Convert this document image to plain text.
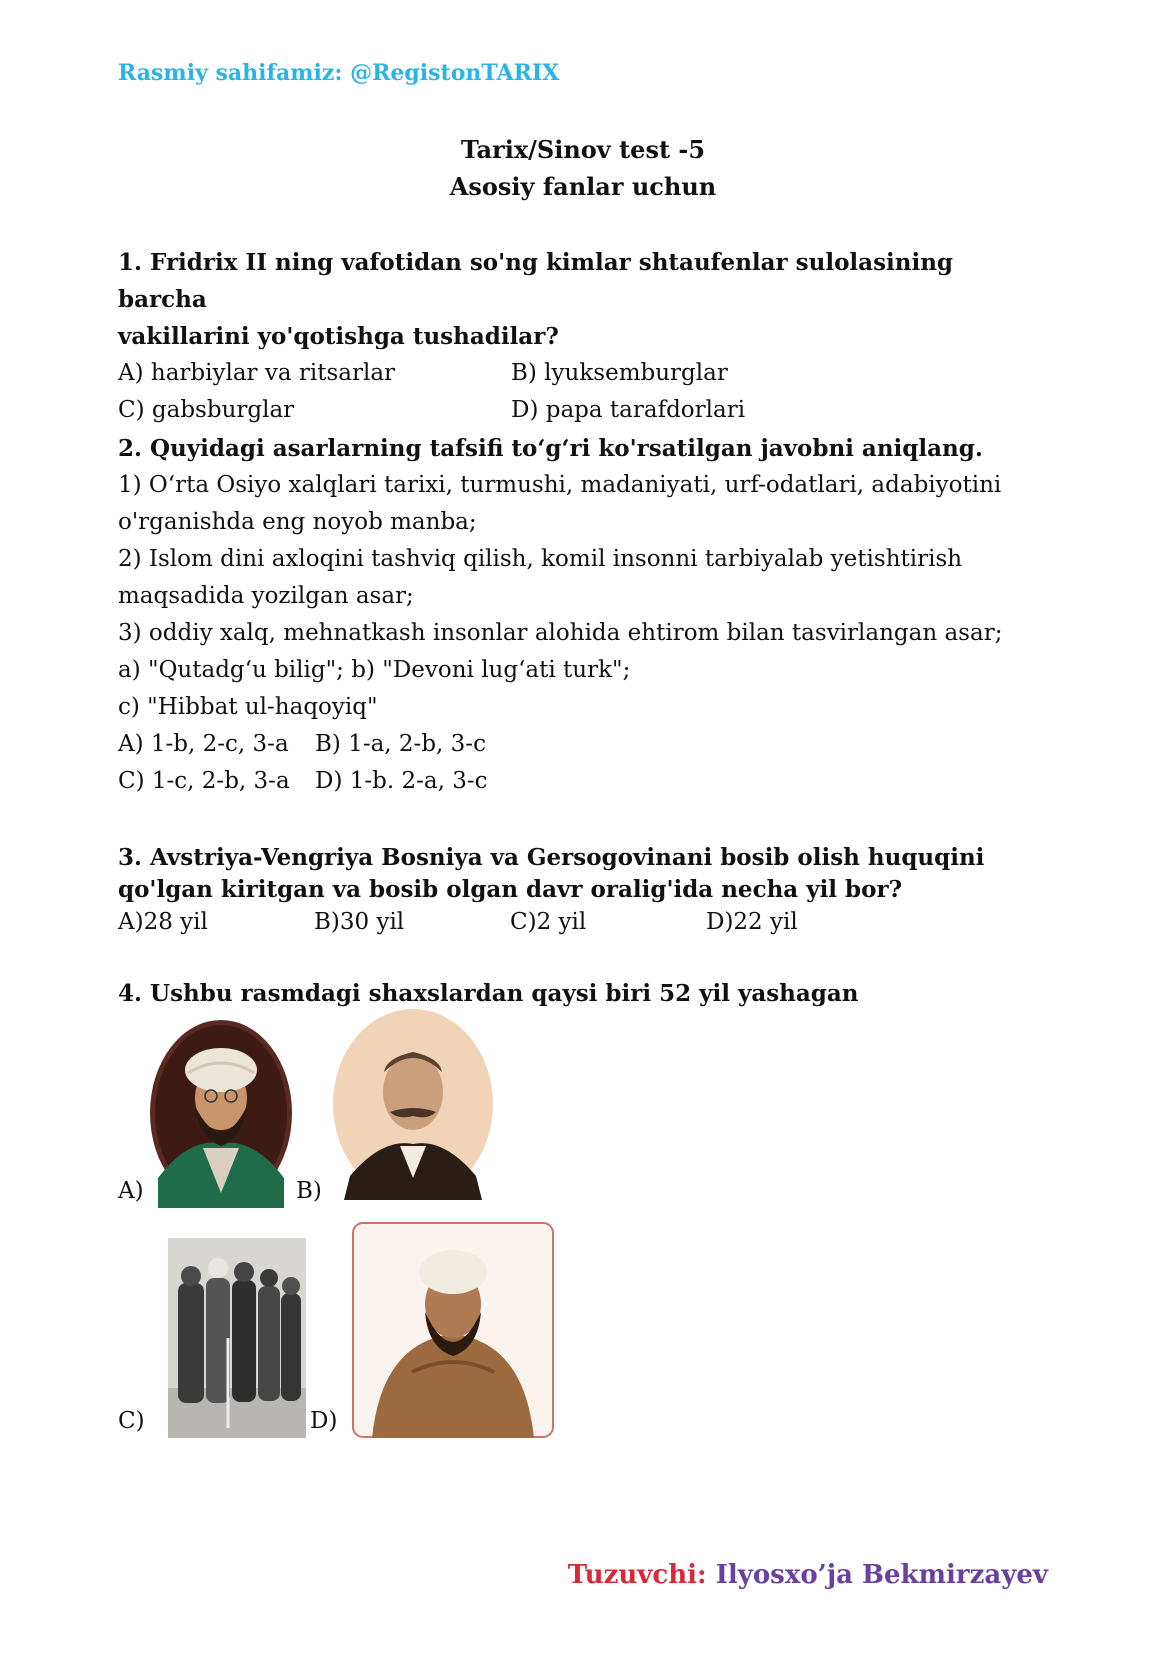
Rasmiy sahifamiz: @RegistonTARIX
Tarix/Sinov test -5
Asosiy fanlar uchun
1. Fridrix II ning vafotidan so'ng kimlar shtaufenlar sulolasining barcha
vakillarini yo'qotishga tushadilar?
A) harbiylar va ritsarlar	B) lyuksemburglar
C) gabsburglar	D) papa tarafdorlari
2. Quyidagi asarlarning tafsifi to‘g‘ri ko'rsatilgan javobni aniqlang.
1) O‘rta Osiyo xalqlari tarixi, turmushi, madaniyati, urf-odatlari, adabiyotini
o'rganishda eng noyob manba;
2) Islom dini axloqini tashviq qilish, komil insonni tarbiyalab yetishtirish
maqsadida yozilgan asar;
3) oddiy xalq, mehnatkash insonlar alohida ehtirom bilan tasvirlangan asar;
a) "Qutadg‘u bilig"; b) "Devoni lug‘ati turk";
c) "Hibbat ul-haqoyiq"
A) 1-b, 2-c, 3-a	B) 1-a, 2-b, 3-c
C) 1-c, 2-b, 3-a	D) 1-b. 2-a, 3-c
3. Avstriya-Vengriya Bosniya va Gersogovinani bosib olish huquqini
qo'lgan kiritgan va bosib olgan davr oralig'ida necha yil bor?
A)28 yil	B)30 yil	C)2 yil	D)22 yil
4. Ushbu rasmdagi shaxslardan qaysi biri 52 yil yashagan
A)	B)
C)	D)
Tuzuvchi: Ilyosxo’ja Bekmirzayev
